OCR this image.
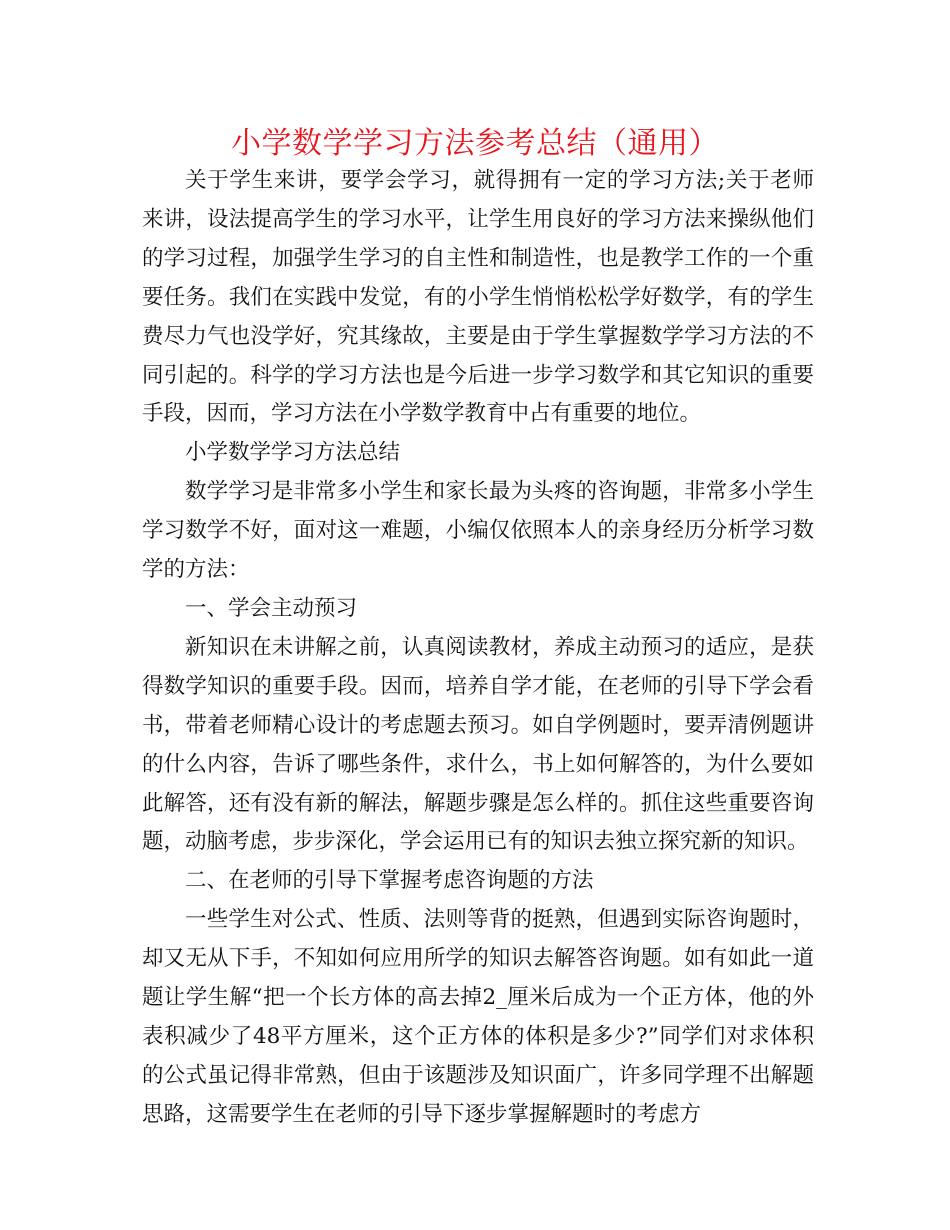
小学数学学习方法参考总结（通用）

关于学生来讲，要学会学习，就得拥有一定的学习方法;关于老师来讲，设法提高学生的学习水平，让学生用良好的学习方法来操纵他们的学习过程，加强学生学习的自主性和制造性，也是教学工作的一个重要任务。我们在实践中发觉，有的小学生悄悄松松学好数学，有的学生费尽力气也没学好，究其缘故，主要是由于学生掌握数学学习方法的不同引起的。科学的学习方法也是今后进一步学习数学和其它知识的重要手段，因而，学习方法在小学数学教育中占有重要的地位。

小学数学学习方法总结

数学学习是非常多小学生和家长最为头疼的咨询题，非常多小学生学习数学不好，面对这一难题，小编仅依照本人的亲身经历分析学习数学的方法：

一、学会主动预习

新知识在未讲解之前，认真阅读教材，养成主动预习的适应，是获得数学知识的重要手段。因而，培养自学才能，在老师的引导下学会看书，带着老师精心设计的考虑题去预习。如自学例题时，要弄清例题讲的什么内容，告诉了哪些条件，求什么，书上如何解答的，为什么要如此解答，还有没有新的解法，解题步骤是怎么样的。抓住这些重要咨询题，动脑考虑，步步深化，学会运用已有的知识去独立探究新的知识。

二、在老师的引导下掌握考虑咨询题的方法

一些学生对公式、性质、法则等背的挺熟，但遇到实际咨询题时，却又无从下手，不知如何应用所学的知识去解答咨询题。如有如此一道题让学生解“把一个长方体的高去掉2_厘米后成为一个正方体，他的外表积减少了48平方厘米，这个正方体的体积是多少?”同学们对求体积的公式虽记得非常熟，但由于该题涉及知识面广，许多同学理不出解题思路，这需要学生在老师的引导下逐步掌握解题时的考虑方
